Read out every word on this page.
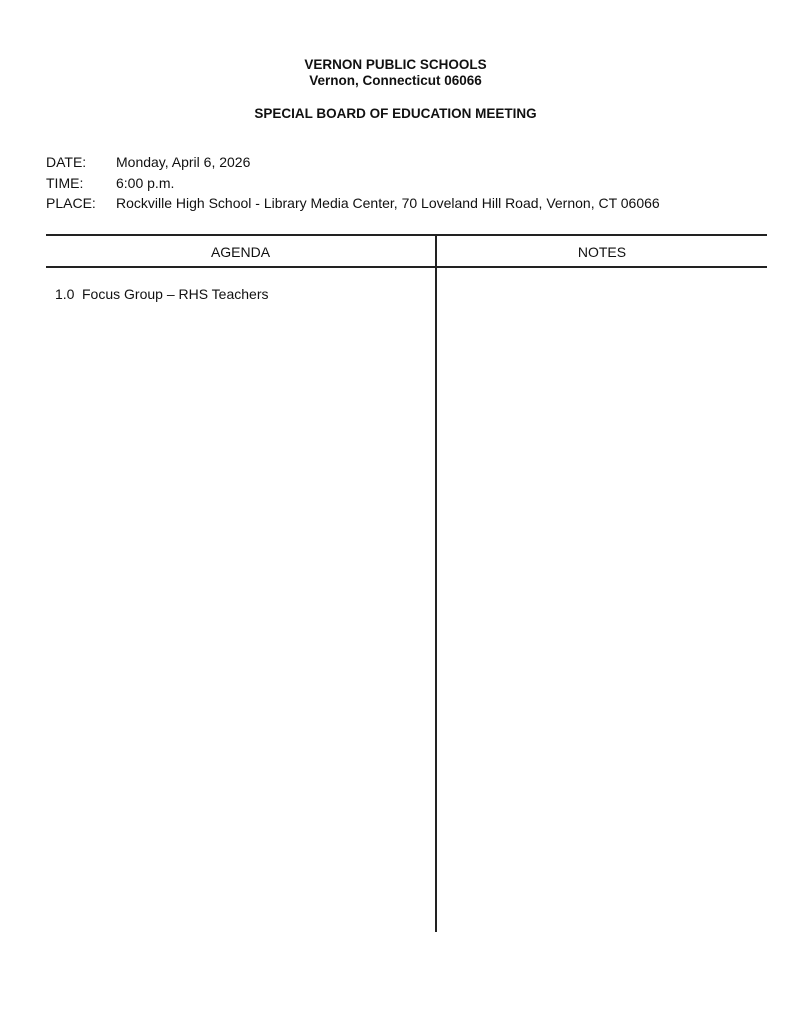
VERNON PUBLIC SCHOOLS
Vernon, Connecticut 06066
SPECIAL BOARD OF EDUCATION MEETING
DATE: Monday, April 6, 2026
TIME: 6:00 p.m.
PLACE: Rockville High School - Library Media Center, 70 Loveland Hill Road, Vernon, CT 06066
AGENDA	NOTES
1.0 Focus Group – RHS Teachers
